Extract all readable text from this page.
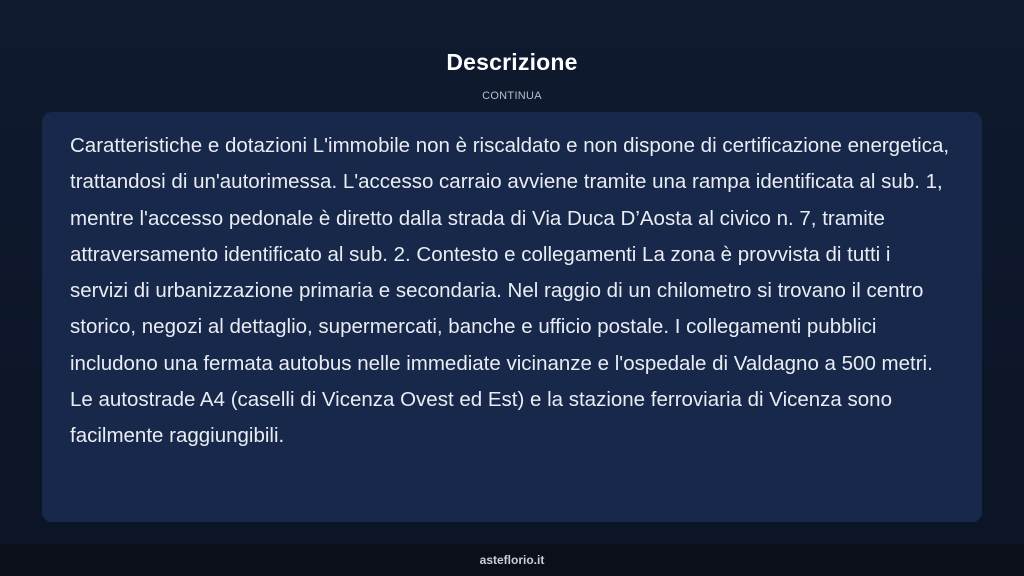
Descrizione
CONTINUA

Caratteristiche e dotazioni L'immobile non è riscaldato e non dispone di certificazione energetica, trattandosi di un'autorimessa. L'accesso carraio avviene tramite una rampa identificata al sub. 1, mentre l'accesso pedonale è diretto dalla strada di Via Duca D’Aosta al civico n. 7, tramite attraversamento identificato al sub. 2. Contesto e collegamenti La zona è provvista di tutti i servizi di urbanizzazione primaria e secondaria. Nel raggio di un chilometro si trovano il centro storico, negozi al dettaglio, supermercati, banche e ufficio postale. I collegamenti pubblici includono una fermata autobus nelle immediate vicinanze e l'ospedale di Valdagno a 500 metri. Le autostrade A4 (caselli di Vicenza Ovest ed Est) e la stazione ferroviaria di Vicenza sono facilmente raggiungibili.

asteflorio.it
